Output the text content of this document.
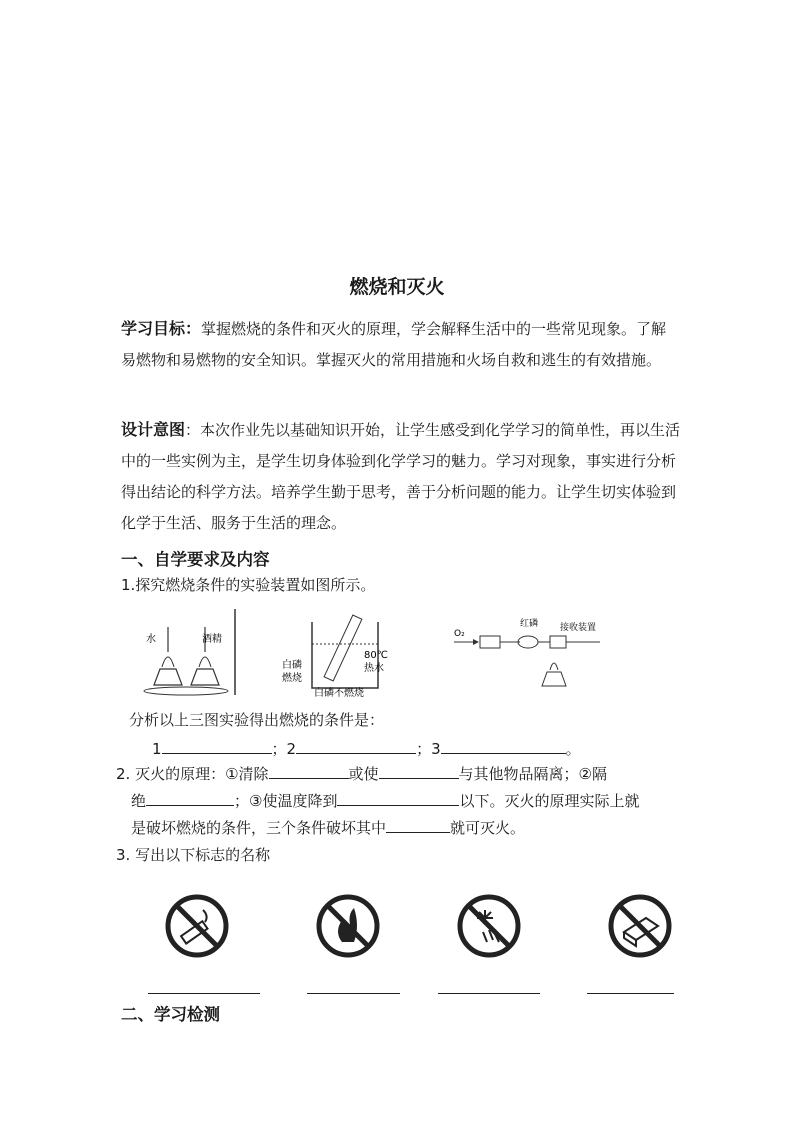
燃烧和灭火
学习目标：掌握燃烧的条件和灭火的原理，学会解释生活中的一些常见现象。了解易燃物和易燃物的安全知识。掌握灭火的常用措施和火场自救和逃生的有效措施。
设计意图：本次作业先以基础知识开始，让学生感受到化学学习的简单性，再以生活中的一些实例为主，是学生切身体验到化学学习的魅力。学习对现象，事实进行分析得出结论的科学方法。培养学生勤于思考，善于分析问题的能力。让学生切实体验到化学于生活、服务于生活的理念。
一、自学要求及内容
1.探究燃烧条件的实验装置如图所示。
水	酒精
80℃
热水
白磷
燃烧
白磷不燃烧
O₂
红磷 接收装置
分析以上三图实验得出燃烧的条件是：
1	；2	；3	。
2. 灭火的原理：①清除	或使	与其他物品隔离；②隔
绝	；③使温度降到	以下。灭火的原理实际上就
是破坏燃烧的条件，三个条件破坏其中	就可灭火。
3. 写出以下标志的名称
二、学习检测
